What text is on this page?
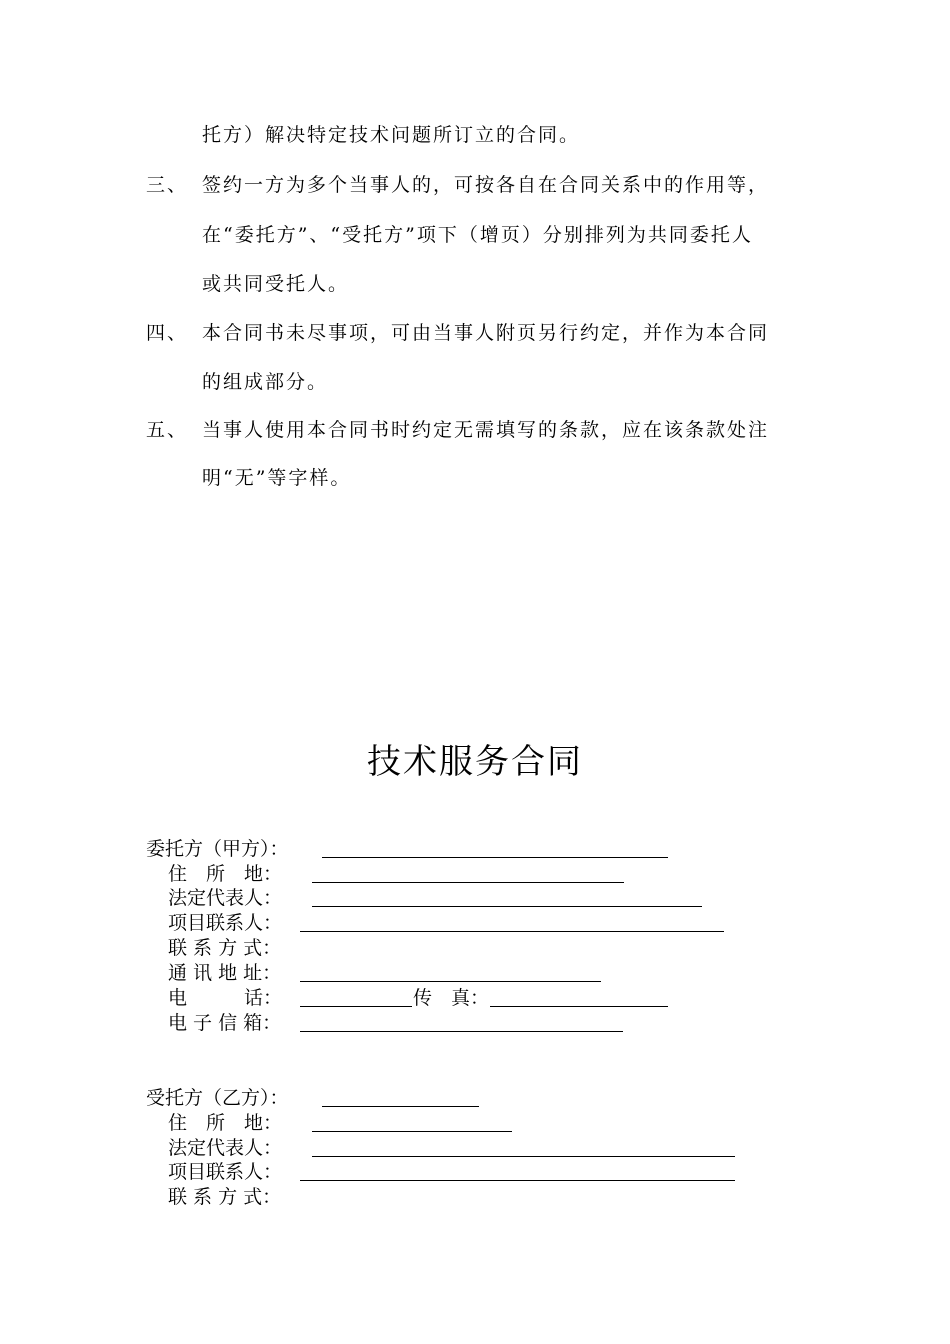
托方）解决特定技术问题所订立的合同。
三、 签约一方为多个当事人的，可按各自在合同关系中的作用等，
在“委托方”、“受托方”项下（增页）分别排列为共同委托人
或共同受托人。
四、 本合同书未尽事项，可由当事人附页另行约定，并作为本合同
的组成部分。
五、 当事人使用本合同书时约定无需填写的条款，应在该条款处注
明“无”等字样。
技术服务合同
委托方（甲方）：
住　所　地：
法定代表人：
项目联系人：
联 系 方 式：
通 讯 地 址：
电　　　话：	传　真：
电 子 信 箱：
受托方（乙方）：
住　所　地：
法定代表人：
项目联系人：
联 系 方 式：
